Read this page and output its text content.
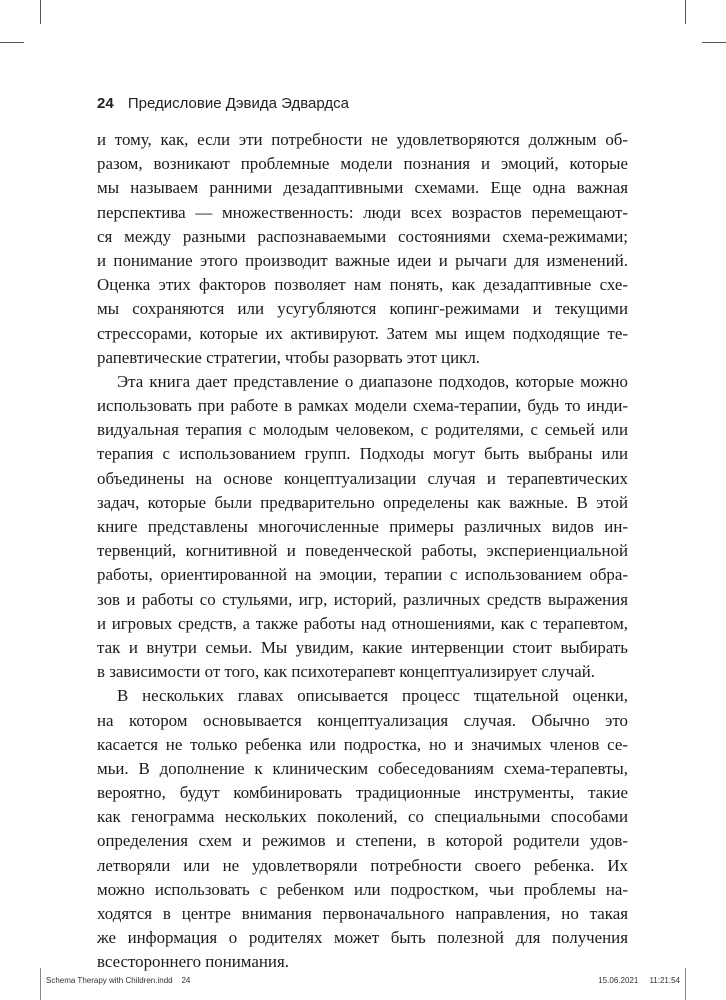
24 Предисловие Дэвида Эдвардса
и тому, как, если эти потребности не удовлетворяются должным об-
разом, возникают проблемные модели познания и эмоций, которые
мы называем ранними дезадаптивными схемами. Еще одна важная
перспектива — множественность: люди всех возрастов перемещают-
ся между разными распознаваемыми состояниями схема-режимами;
и понимание этого производит важные идеи и рычаги для изменений.
Оценка этих факторов позволяет нам понять, как дезадаптивные схе-
мы сохраняются или усугубляются копинг-режимами и текущими
стрессорами, которые их активируют. Затем мы ищем подходящие те-
рапевтические стратегии, чтобы разорвать этот цикл.
Эта книга дает представление о диапазоне подходов, которые можно
использовать при работе в рамках модели схема-терапии, будь то инди-
видуальная терапия с молодым человеком, с родителями, с семьей или
терапия с использованием групп. Подходы могут быть выбраны или
объединены на основе концептуализации случая и терапевтических
задач, которые были предварительно определены как важные. В этой
книге представлены многочисленные примеры различных видов ин-
тервенций, когнитивной и поведенческой работы, экспериенциальной
работы, ориентированной на эмоции, терапии с использованием обра-
зов и работы со стульями, игр, историй, различных средств выражения
и игровых средств, а также работы над отношениями, как с терапевтом,
так и внутри семьи. Мы увидим, какие интервенции стоит выбирать
в зависимости от того, как психотерапевт концептуализирует случай.
В нескольких главах описывается процесс тщательной оценки,
на котором основывается концептуализация случая. Обычно это
касается не только ребенка или подростка, но и значимых членов се-
мьи. В дополнение к клиническим собеседованиям схема-терапевты,
вероятно, будут комбинировать традиционные инструменты, такие
как генограмма нескольких поколений, со специальными способами
определения схем и режимов и степени, в которой родители удов-
летворяли или не удовлетворяли потребности своего ребенка. Их
можно использовать с ребенком или подростком, чьи проблемы на-
ходятся в центре внимания первоначального направления, но такая
же информация о родителях может быть полезной для получения
всестороннего понимания.
Schema Therapy with Children.indd 24	15.06.2021 11:21:54
